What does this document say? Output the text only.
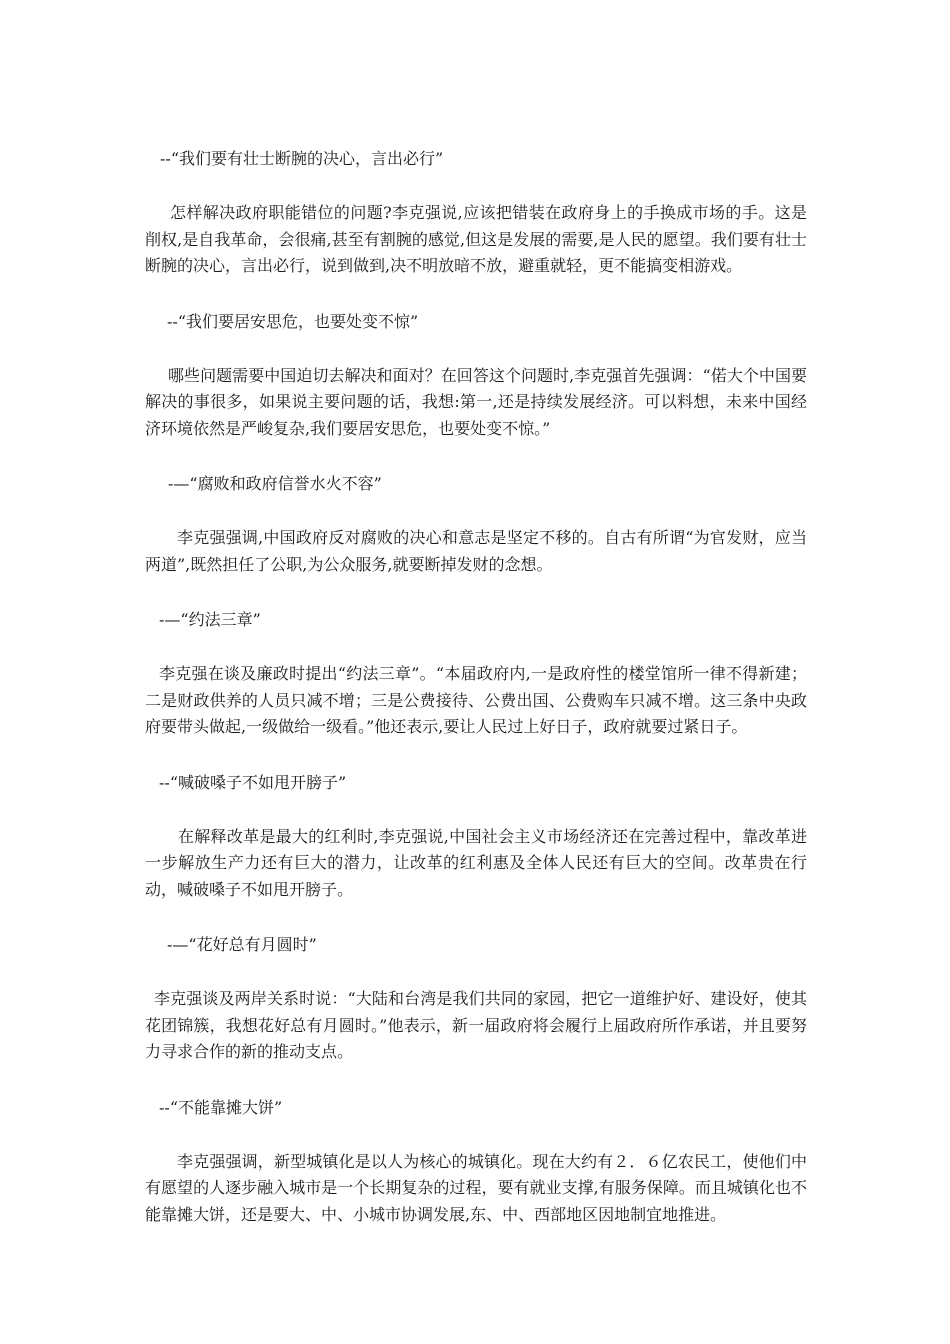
--“我们要有壮士断腕的决心，言出必行”

怎样解决政府职能错位的问题?李克强说,应该把错装在政府身上的手换成市场的手。这是削权,是自我革命，会很痛,甚至有割腕的感觉,但这是发展的需要,是人民的愿望。我们要有壮士断腕的决心，言出必行，说到做到,决不明放暗不放，避重就轻，更不能搞变相游戏。

--“我们要居安思危，也要处变不惊”

哪些问题需要中国迫切去解决和面对？在回答这个问题时,李克强首先强调：“偌大个中国要解决的事很多，如果说主要问题的话，我想:第一,还是持续发展经济。可以料想，未来中国经济环境依然是严峻复杂,我们要居安思危，也要处变不惊。”

-—“腐败和政府信誉水火不容”

李克强强调,中国政府反对腐败的决心和意志是坚定不移的。自古有所谓“为官发财，应当两道”,既然担任了公职,为公众服务,就要断掉发财的念想。

-—“约法三章”

李克强在谈及廉政时提出“约法三章”。“本届政府内,一是政府性的楼堂馆所一律不得新建；二是财政供养的人员只减不增；三是公费接待、公费出国、公费购车只减不增。这三条中央政府要带头做起,一级做给一级看。”他还表示,要让人民过上好日子，政府就要过紧日子。

--“喊破嗓子不如甩开膀子”

在解释改革是最大的红利时,李克强说,中国社会主义市场经济还在完善过程中，靠改革进一步解放生产力还有巨大的潜力，让改革的红利惠及全体人民还有巨大的空间。改革贵在行动，喊破嗓子不如甩开膀子。

-—“花好总有月圆时”

李克强谈及两岸关系时说：“大陆和台湾是我们共同的家园，把它一道维护好、建设好，使其花团锦簇，我想花好总有月圆时。”他表示，新一届政府将会履行上届政府所作承诺，并且要努力寻求合作的新的推动支点。

--“不能靠摊大饼”

李克强强调，新型城镇化是以人为核心的城镇化。现在大约有２．６亿农民工，使他们中有愿望的人逐步融入城市是一个长期复杂的过程，要有就业支撑,有服务保障。而且城镇化也不能靠摊大饼，还是要大、中、小城市协调发展,东、中、西部地区因地制宜地推进。
